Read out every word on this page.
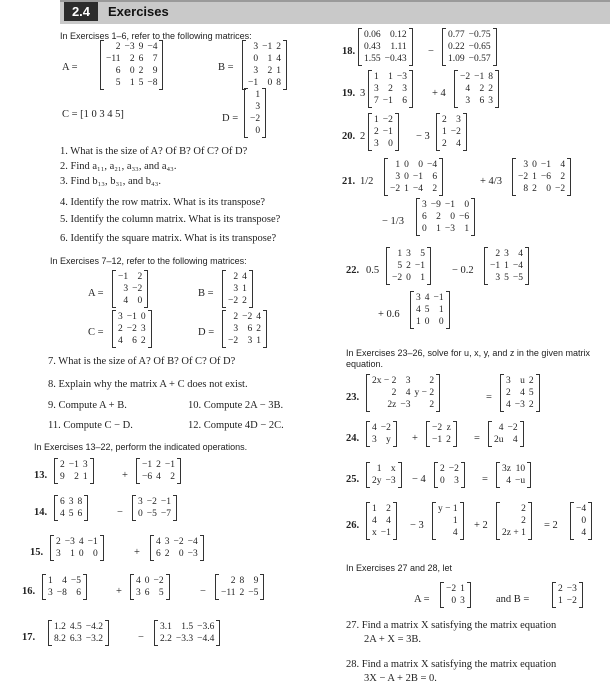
2.4	Exercises
In Exercises 1–6, refer to the following matrices:
A =
2 −3 9 −4
−11 2 6 7
6 0 2 9
5 1 5 −8
B =
3 −1 2
0 1 4
3 2 1
−1 0 8
C = [1 0 3 4 5]	D =
1
3
−2
0
1. What is the size of A? Of B? Of C? Of D?
2. Find a₁₁, a₂₁, a₃₃, and a₄₃.
3. Find b₁₃, b₃₁, and b₄₃.
4. Identify the row matrix. What is its transpose?
5. Identify the column matrix. What is its transpose?
6. Identify the square matrix. What is its transpose?
In Exercises 7–12, refer to the following matrices:
A =
−1 2
3 −2
4 0
B =
2 4
3 1
−2 2
C =
3 −1 0
2 −2 3
4 6 2
D =
2 −2 4
3 6 2
−2 3 1
7. What is the size of A? Of B? Of C? Of D?
8. Explain why the matrix A + C does not exist.
9. Compute A + B.	10. Compute 2A − 3B.
11. Compute C − D.	12. Compute 4D − 2C.
In Exercises 13–22, perform the indicated operations.
13.
2 −1 3
9 2 1	+
−1 2 −1
−6 4 2
14.
6 3 8
4 5 6	−
3 −2 −1
0 −5 −7
15.
2 −3 4 −1
3 1 0 0	+
4 3 −2 −4
6 2 0 −3
16.
1 4 −5
3 −8 6	+
4 0 −2
3 6 5	−
2 8 9
−11 2 −5
17.
1.2 4.5 −4.2
8.2 6.3 −3.2	−
3.1 1.5 −3.6
2.2 −3.3 −4.4
18.
0.06 0.12
0.43	1.11
1.55 −0.43
−
0.77 −0.75
0.22 −0.65
1.09 −0.57
19. 3
1 1 −3
3 2 3
7 −1 6
+ 4
−2 −1 8
4 2 2
3 6 3
20. 2
1 −2
2 −1
3 0
− 3
2 3
1 −2
2 4
21. 1/2
1 0 0 −4
3 0 −1 6
−2 1 −4 2
+ 4/3
3 0 −1 4
−2 1 −6 2
8 2 0 −2
− 1/3
3 −9 −1 0
6 2 0 −6
0 1 −3 1
22. 0.5
1 3 5
5 2 −1
−2 0 1
− 0.2
2 3 4
−1 1 −4
3 5 −5
+ 0.6
3 4 −1
4 5 1
1 0 0
In Exercises 23–26, solve for u, x, y, and z in the given matrix equation.
23.
2x − 2 3	2
2 4 y − 2
2z −3	2
=
3 u 2
2 4 5
4 −3 2
24.
4 −2
3 y +
−2 z
−1 2 =
4 −2
2u 4
25.
1 x
2y −3 − 4
2 −2
0 3 =
3z 10
4 −u
26.
1 2
4 4
x −1
− 3
y − 1
1
4
+ 2
2
2
2z + 1
= 2
−4
0
4
In Exercises 27 and 28, let
A =
−2 1
0 3	and B =
2 −3
1 −2
27. Find a matrix X satisfying the matrix equation
2A + X = 3B.
28. Find a matrix X satisfying the matrix equation
3X − A + 2B = 0.
